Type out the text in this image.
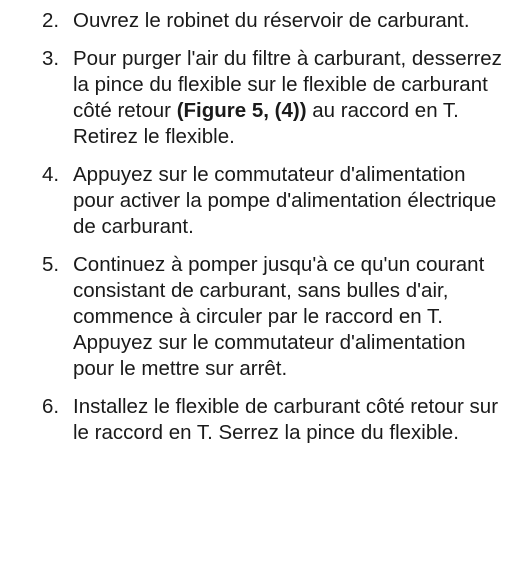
2. Ouvrez le robinet du réservoir de carburant.
3. Pour purger l'air du filtre à carburant, desserrez la pince du flexible sur le flexible de carburant côté retour (Figure 5, (4)) au raccord en T. Retirez le flexible.
4. Appuyez sur le commutateur d'alimentation pour activer la pompe d'alimentation électrique de carburant.
5. Continuez à pomper jusqu'à ce qu'un courant consistant de carburant, sans bulles d'air, commence à circuler par le raccord en T. Appuyez sur le commutateur d'alimentation pour le mettre sur arrêt.
6. Installez le flexible de carburant côté retour sur le raccord en T. Serrez la pince du flexible.
